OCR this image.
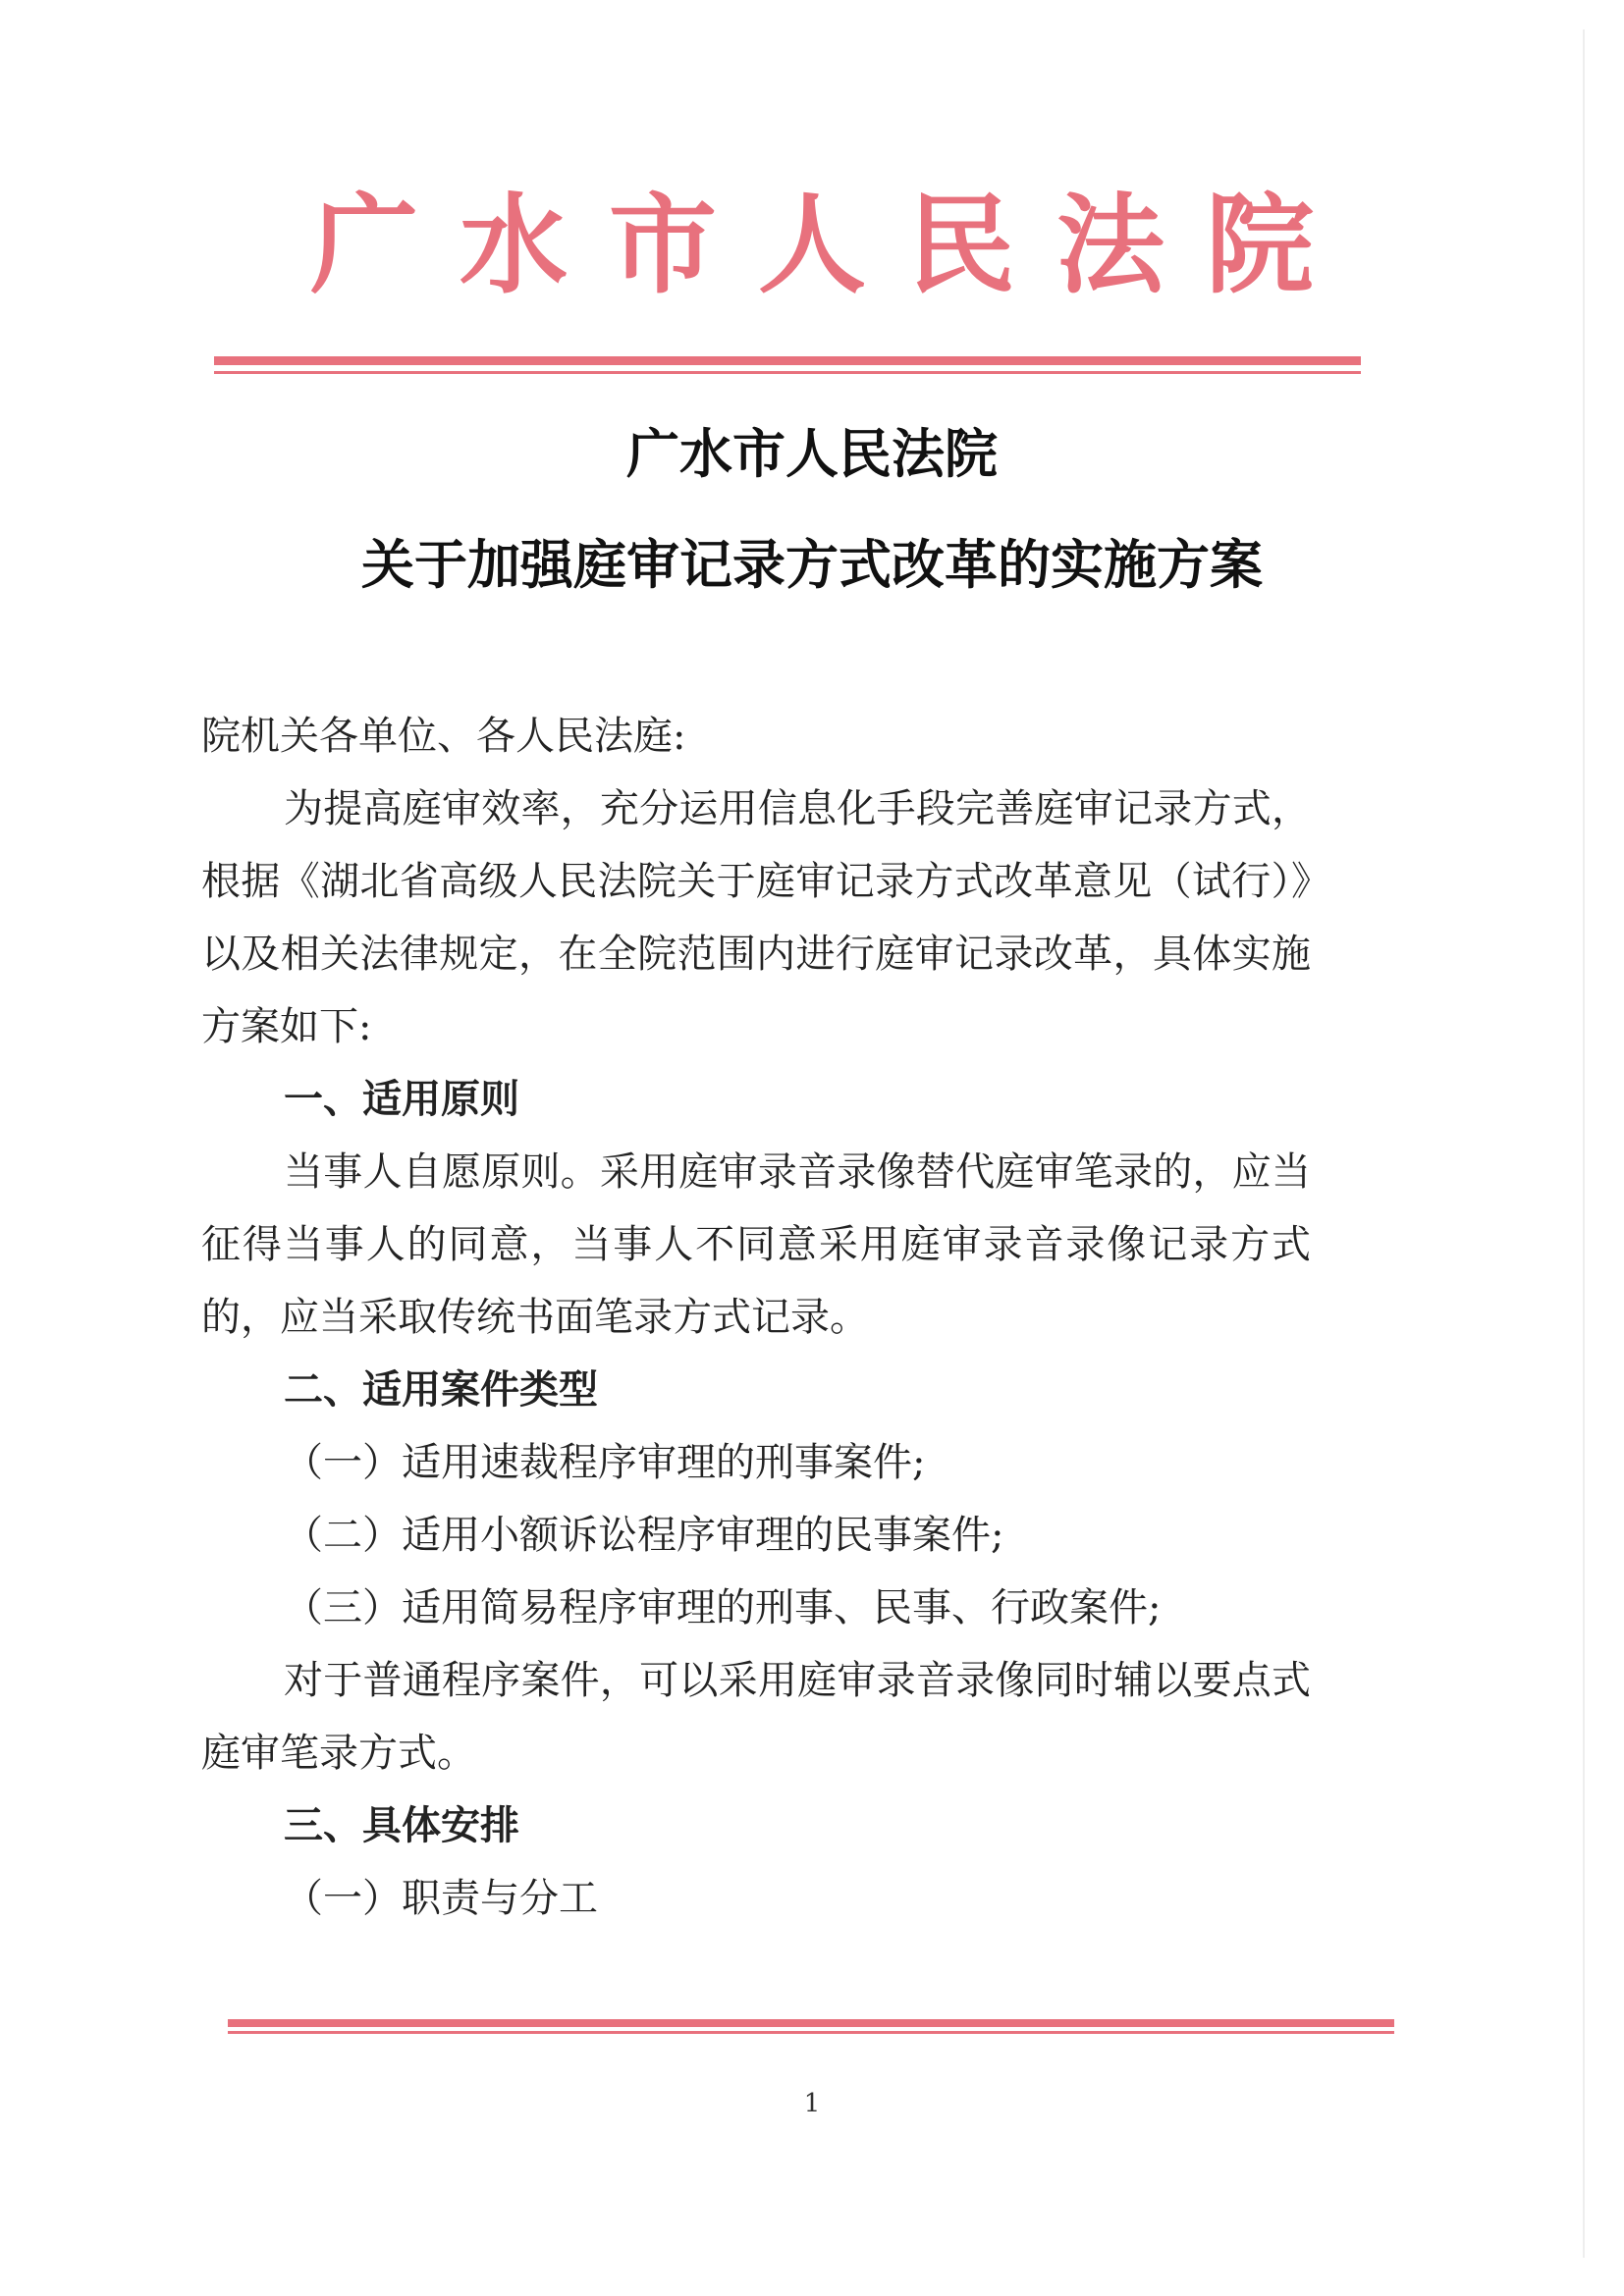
广水市人民法院
广水市人民法院
关于加强庭审记录方式改革的实施方案

院机关各单位、各人民法庭:

为提高庭审效率，充分运用信息化手段完善庭审记录方式，根据《湖北省高级人民法院关于庭审记录方式改革意见（试行）》以及相关法律规定，在全院范围内进行庭审记录改革，具体实施方案如下:

一、适用原则

当事人自愿原则。采用庭审录音录像替代庭审笔录的，应当征得当事人的同意，当事人不同意采用庭审录音录像记录方式的，应当采取传统书面笔录方式记录。

二、适用案件类型

（一）适用速裁程序审理的刑事案件;

（二）适用小额诉讼程序审理的民事案件;

（三）适用简易程序审理的刑事、民事、行政案件;

对于普通程序案件，可以采用庭审录音录像同时辅以要点式庭审笔录方式。

三、具体安排

（一）职责与分工

1
